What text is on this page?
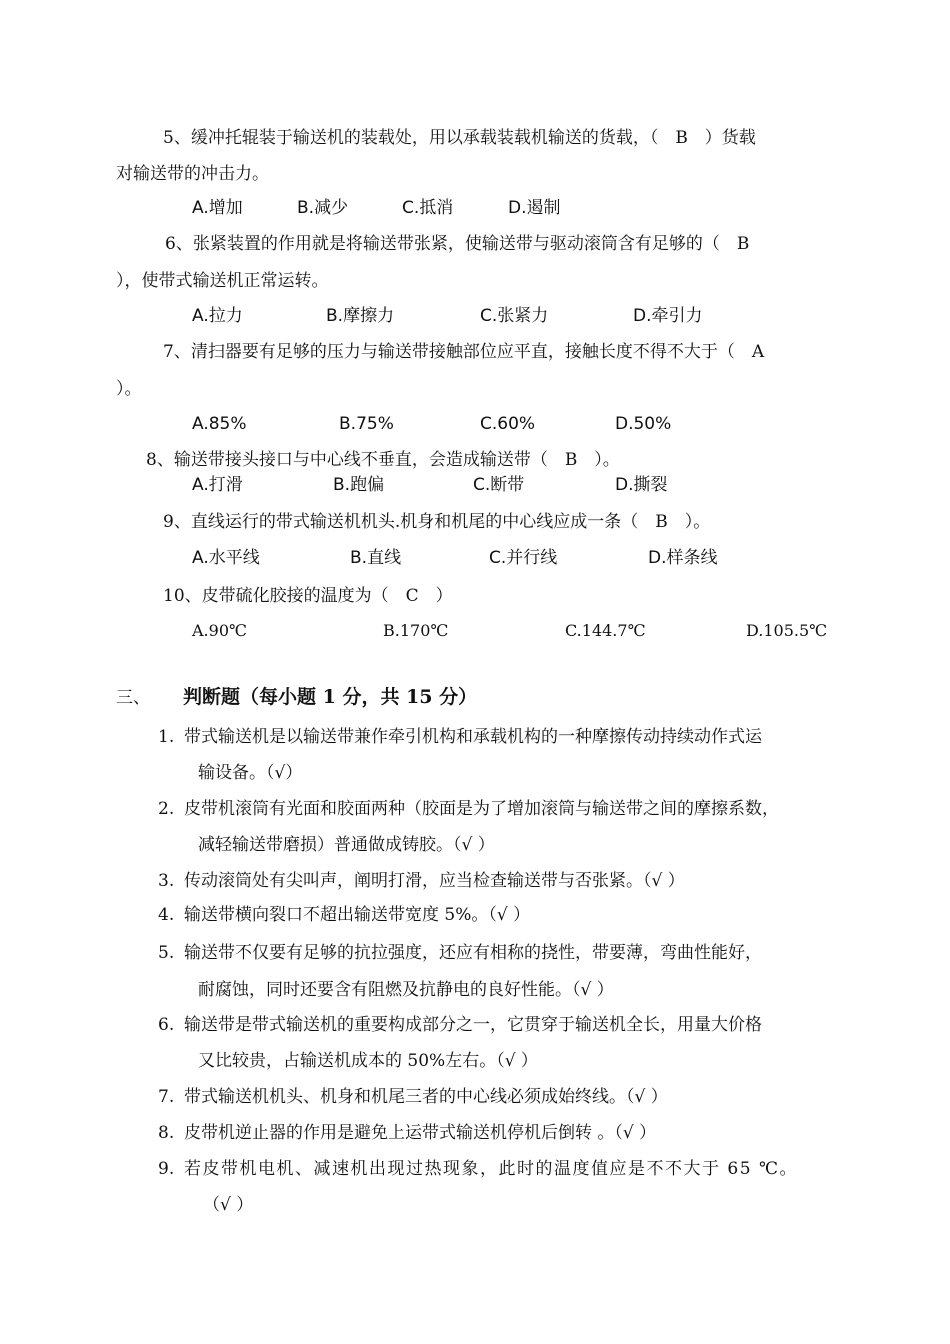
5、缓冲托辊装于输送机的装载处，用以承载装载机输送的货载，（　B　）货载
对输送带的冲击力。
A.增加	B.减少	C.抵消	D.遏制
6、张紧装置的作用就是将输送带张紧，使输送带与驱动滚筒含有足够的（　B
），使带式输送机正常运转。
A.拉力	B.摩擦力	C.张紧力	D.牵引力
7、清扫器要有足够的压力与输送带接触部位应平直，接触长度不得不大于（　A
）。
A.85%	B.75%	C.60%	D.50%
8、输送带接头接口与中心线不垂直，会造成输送带（　B　）。
A.打滑	B.跑偏	C.断带	D.撕裂
9、直线运行的带式输送机机头.机身和机尾的中心线应成一条（　B　）。
A.水平线	B.直线	C.并行线	D.样条线
10、皮带硫化胶接的温度为（　C　）
A.90℃	B.170℃	C.144.7℃	D.105.5℃
三、 判断题（每小题 1 分，共 15 分）
1. 带式输送机是以输送带兼作牵引机构和承载机构的一种摩擦传动持续动作式运
输设备。（√）
2. 皮带机滚筒有光面和胶面两种（胶面是为了增加滚筒与输送带之间的摩擦系数，
减轻输送带磨损）普通做成铸胶。（√ ）
3. 传动滚筒处有尖叫声，阐明打滑，应当检查输送带与否张紧。（√ ）
4. 输送带横向裂口不超出输送带宽度 5%。（√ ）
5. 输送带不仅要有足够的抗拉强度，还应有相称的挠性，带要薄，弯曲性能好，
耐腐蚀，同时还要含有阻燃及抗静电的良好性能。（√ ）
6. 输送带是带式输送机的重要构成部分之一，它贯穿于输送机全长，用量大价格
又比较贵，占输送机成本的 50%左右。（√ ）
7. 带式输送机机头、机身和机尾三者的中心线必须成始终线。（√ ）
8. 皮带机逆止器的作用是避免上运带式输送机停机后倒转 。（√ ）
9. 若皮带机电机、减速机出现过热现象，此时的温度值应是不不大于 65 ℃。
（√ ）
